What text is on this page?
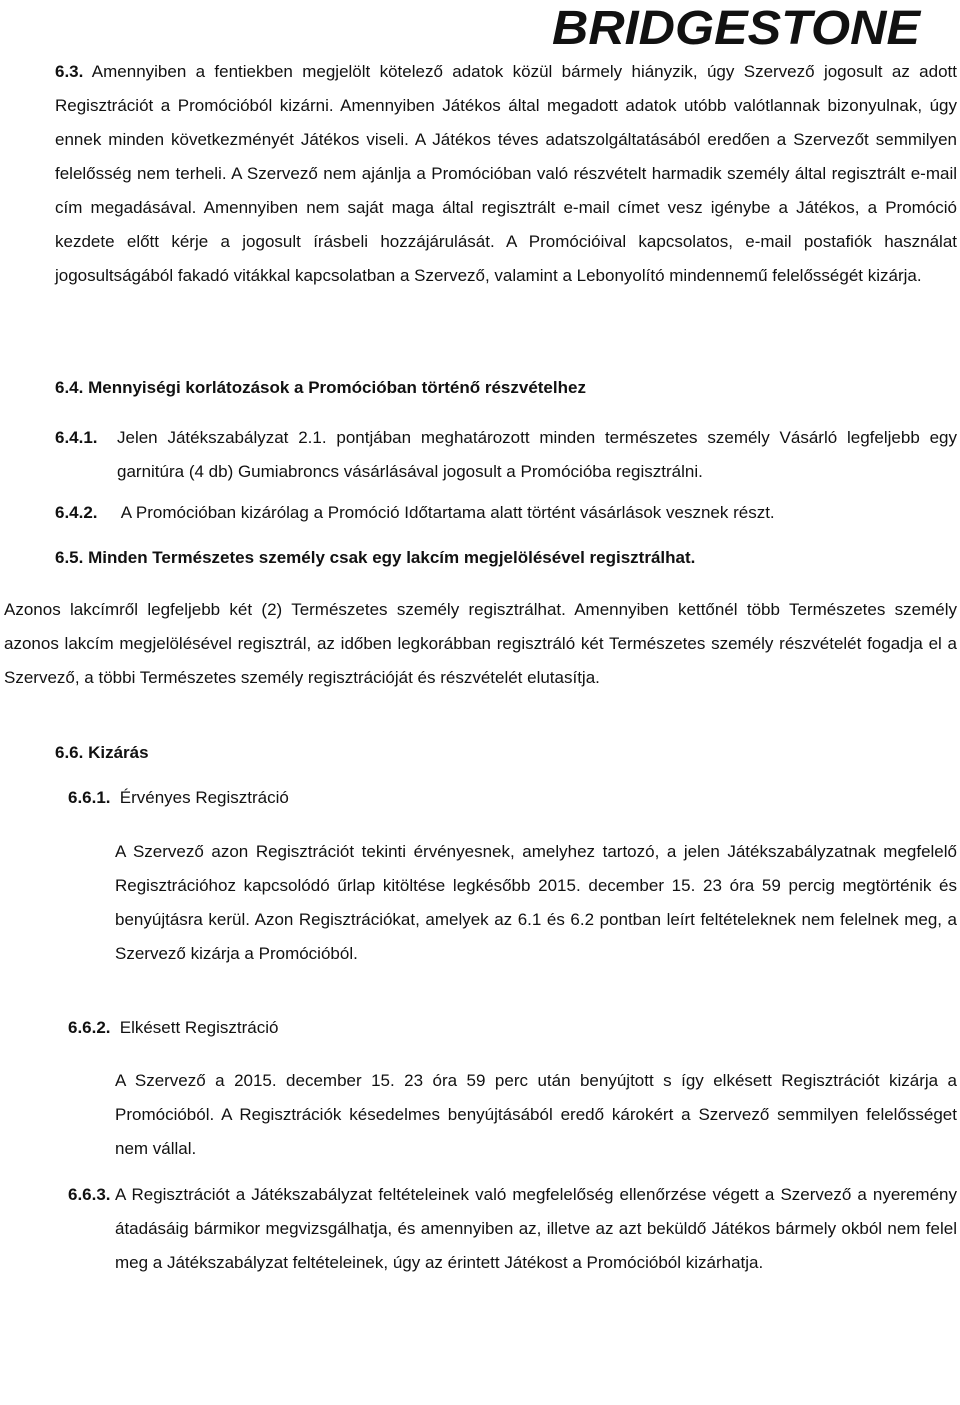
BRIDGESTONE

6.3. Amennyiben a fentiekben megjelölt kötelező adatok közül bármely hiányzik, úgy Szervező jogosult az adott Regisztrációt a Promócióból kizárni. Amennyiben Játékos által megadott adatok utóbb valótlannak bizonyulnak, úgy ennek minden következményét Játékos viseli. A Játékos téves adatszolgáltatásából eredően a Szervezőt semmilyen felelősség nem terheli. A Szervező nem ajánlja a Promócióban való részvételt harmadik személy által regisztrált e-mail cím megadásával. Amennyiben nem saját maga által regisztrált e-mail címet vesz igénybe a Játékos, a Promóció kezdete előtt kérje a jogosult írásbeli hozzájárulását. A Promócióival kapcsolatos, e-mail postafiók használat jogosultságából fakadó vitákkal kapcsolatban a Szervező, valamint a Lebonyolító mindennemű felelősségét kizárja.

6.4. Mennyiségi korlátozások a Promócióban történő részvételhez
6.4.1.	Jelen Játékszabályzat 2.1. pontjában meghatározott minden természetes személy Vásárló legfeljebb egy garnitúra (4 db) Gumiabroncs vásárlásával jogosult a Promócióba regisztrálni.

6.4.2. A Promócióban kizárólag a Promóció Időtartama alatt történt vásárlások vesznek részt.
6.5. Minden Természetes személy csak egy lakcím megjelölésével regisztrálhat.

Azonos lakcímről legfeljebb két (2) Természetes személy regisztrálhat. Amennyiben kettőnél több Természetes személy azonos lakcím megjelölésével regisztrál, az időben legkorábban regisztráló két Természetes személy részvételét fogadja el a Szervező, a többi Természetes személy regisztrációját és részvételét elutasítja.

6.6. Kizárás
6.6.1. Érvényes Regisztráció

A Szervező azon Regisztrációt tekinti érvényesnek, amelyhez tartozó, a jelen Játékszabályzatnak megfelelő Regisztrációhoz kapcsolódó űrlap kitöltése legkésőbb 2015. december 15. 23 óra 59 percig megtörténik és benyújtásra kerül. Azon Regisztrációkat, amelyek az 6.1 és 6.2 pontban leírt feltételeknek nem felelnek meg, a Szervező kizárja a Promócióból.

6.6.2. Elkésett Regisztráció

A Szervező a 2015. december 15. 23 óra 59 perc után benyújtott s így elkésett Regisztrációt kizárja a Promócióból. A Regisztrációk késedelmes benyújtásából eredő károkért a Szervező semmilyen felelősséget nem vállal.

6.6.3. A Regisztrációt a Játékszabályzat feltételeinek való megfelelőség ellenőrzése végett a Szervező a nyeremény átadásáig bármikor megvizsgálhatja, és amennyiben az, illetve az azt beküldő Játékos bármely okból nem felel meg a Játékszabályzat feltételeinek, úgy az érintett Játékost a Promócióból kizárhatja.
